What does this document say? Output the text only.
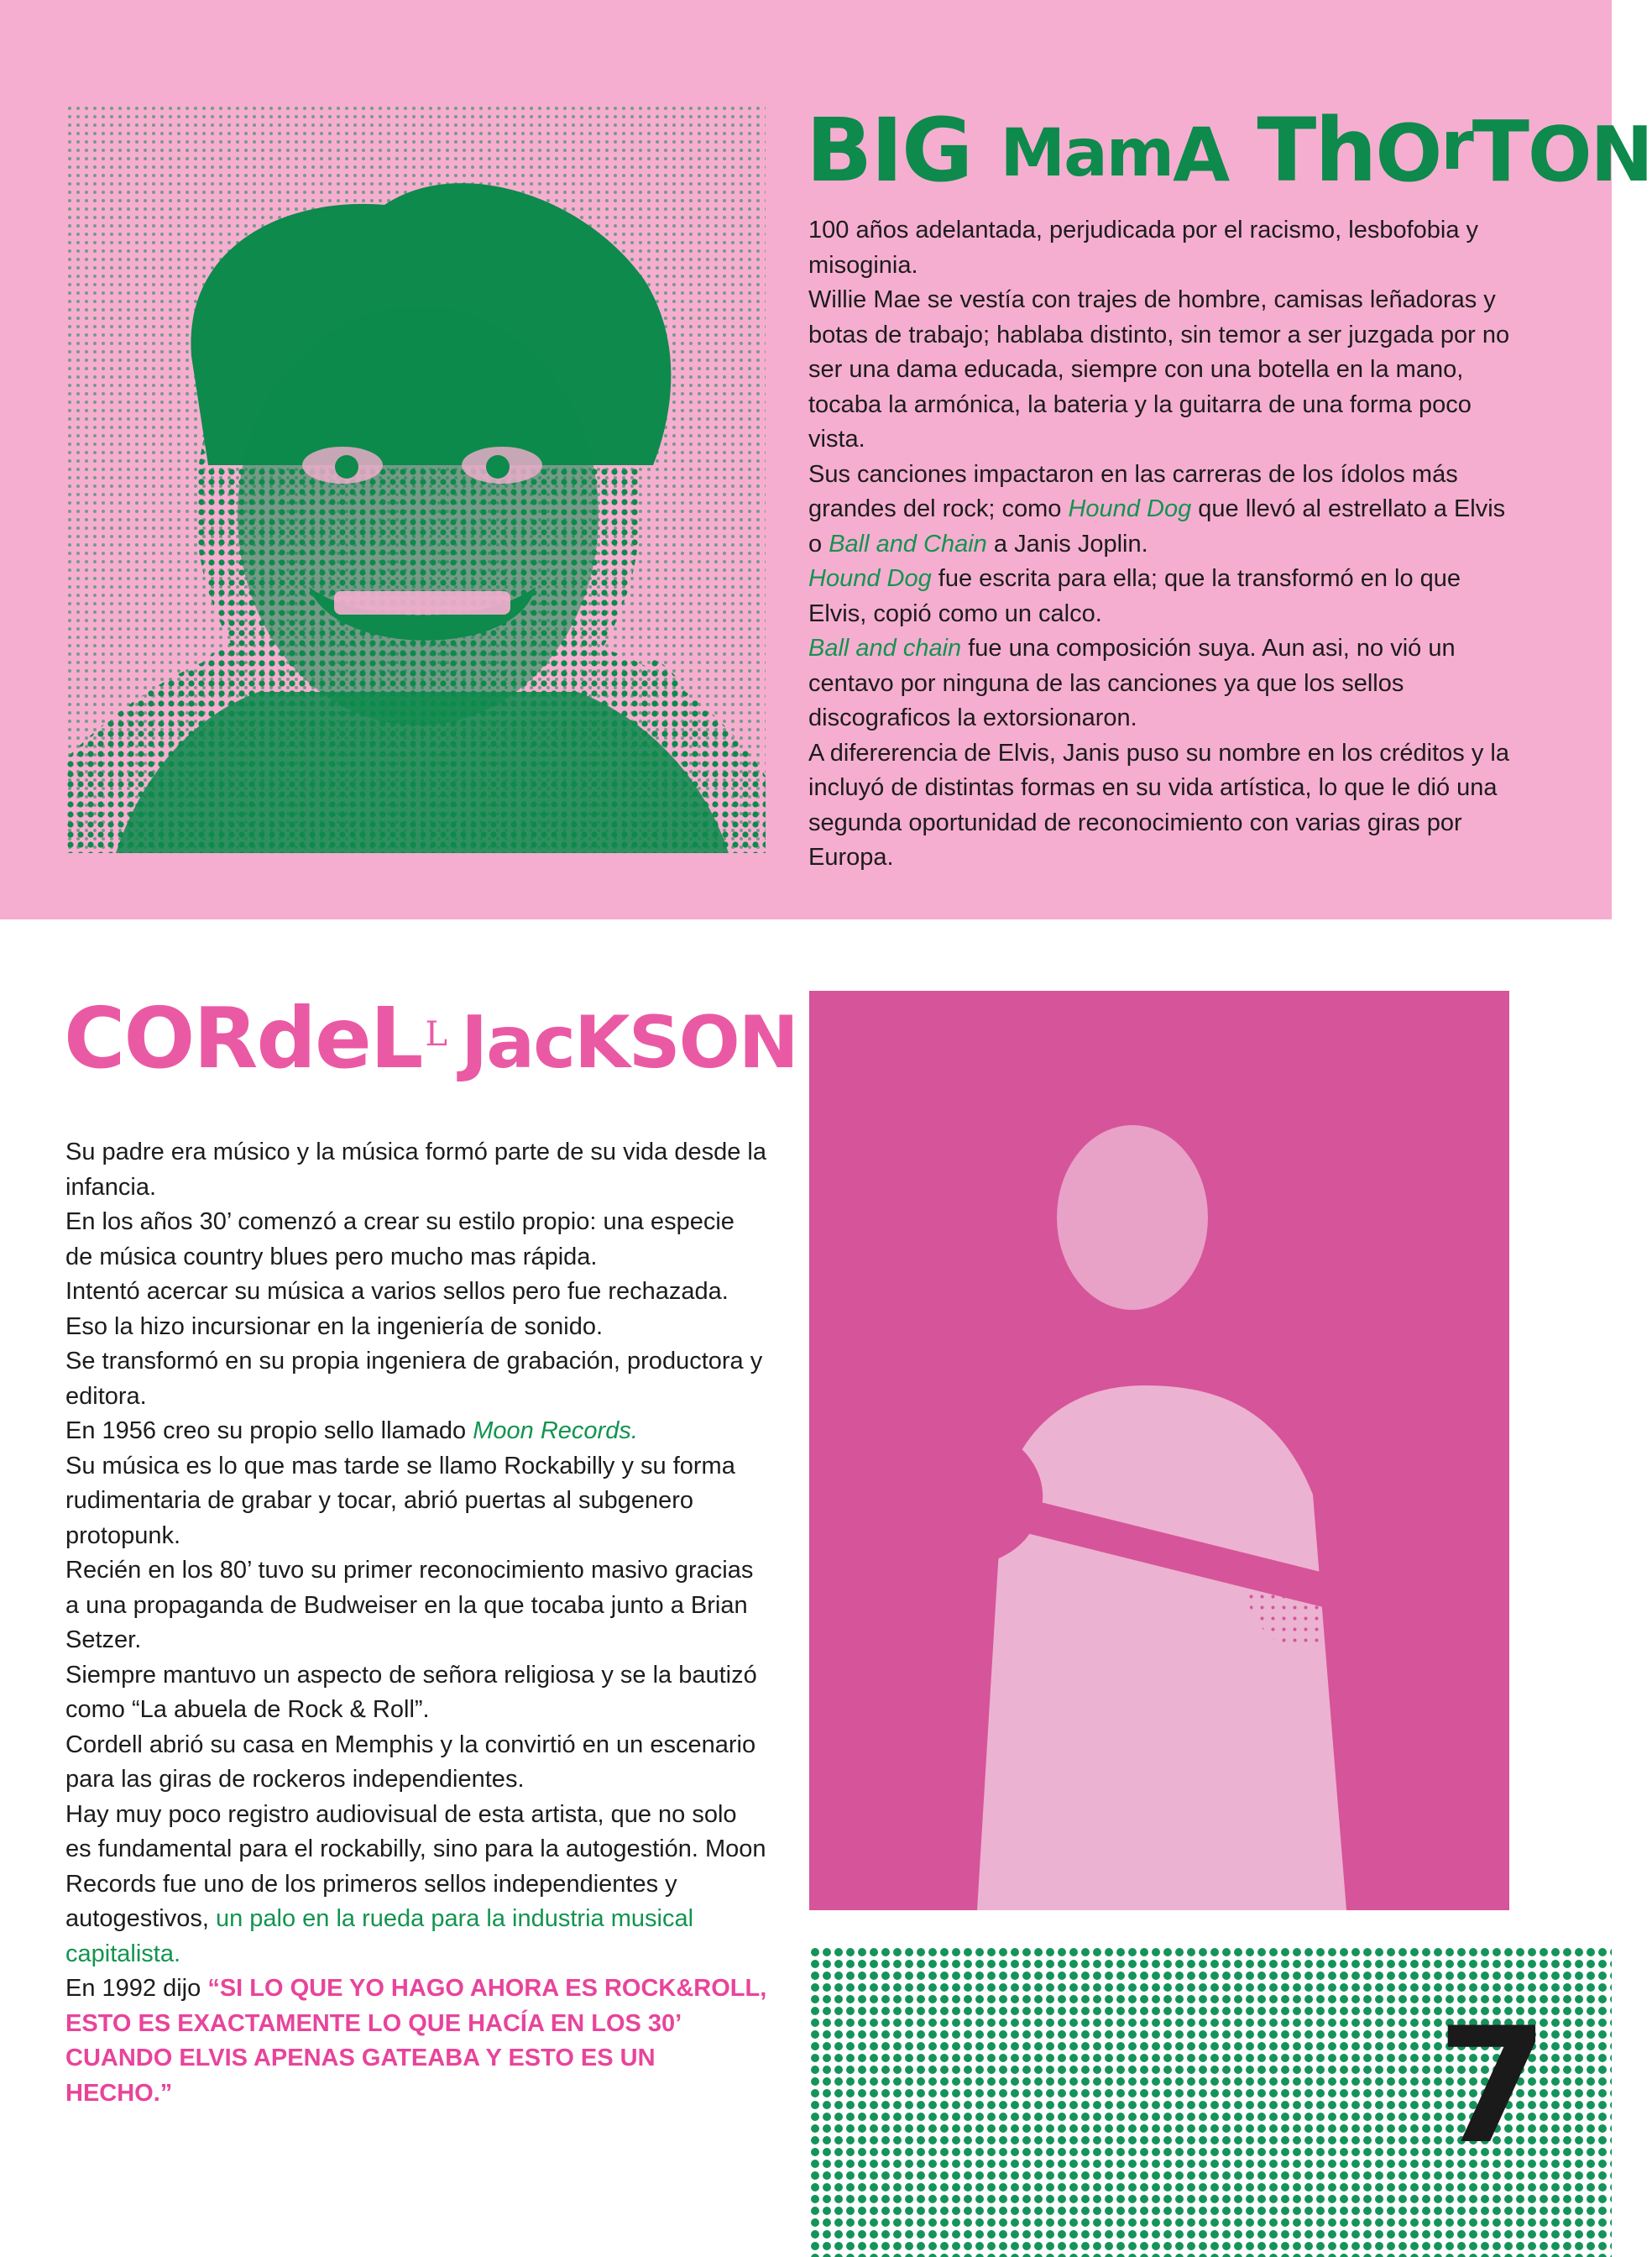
BIG MamA ThOrTON

100 años adelantada, perjudicada por el racismo, lesbofobia y misoginia.

Willie Mae se vestía con trajes de hombre, camisas leñadoras y botas de trabajo; hablaba distinto, sin temor a ser juzgada por no ser una dama educada, siempre con una botella en la mano, tocaba la armónica, la bateria y la guitarra de una forma poco vista.

Sus canciones impactaron en las carreras de los ídolos más grandes del rock; como Hound Dog que llevó al estrellato a Elvis o Ball and Chain a Janis Joplin.

Hound Dog fue escrita para ella; que la transformó en lo que Elvis, copió como un calco.

Ball and chain fue una composición suya. Aun asi, no vió un centavo por ninguna de las canciones ya que los sellos discograficos la extorsionaron.

A difererencia de Elvis, Janis puso su nombre en los créditos y la incluyó de distintas formas en su vida artística, lo que le dió una segunda oportunidad de reconocimiento con varias giras por Europa.

CORdeL L JacKSON

Su padre era músico y la música formó parte de su vida desde la infancia.

En los años 30’ comenzó a crear su estilo propio: una especie de música country blues pero mucho mas rápida.

Intentó acercar su música a varios sellos pero fue rechazada. Eso la hizo incursionar en la ingeniería de sonido.

Se transformó en su propia ingeniera de grabación, productora y editora.

En 1956 creo su propio sello llamado Moon Records.

Su música es lo que mas tarde se llamo Rockabilly y su forma rudimentaria de grabar y tocar, abrió puertas al subgenero protopunk.

Recién en los 80’ tuvo su primer reconocimiento masivo gracias a una propaganda de Budweiser en la que tocaba junto a Brian Setzer.

Siempre mantuvo un aspecto de señora religiosa y se la bautizó como “La abuela de Rock & Roll”.

Cordell abrió su casa en Memphis y la convirtió en un escenario para las giras de rockeros independientes.

Hay muy poco registro audiovisual de esta artista, que no solo es fundamental para el rockabilly, sino para la autogestión. Moon Records fue uno de los primeros sellos independientes y autogestivos, un palo en la rueda para la industria musical capitalista.

En 1992 dijo “SI LO QUE YO HAGO AHORA ES ROCK&ROLL, ESTO ES EXACTAMENTE LO QUE HACÍA EN LOS 30’ CUANDO ELVIS APENAS GATEABA Y ESTO ES UN HECHO.”	7
